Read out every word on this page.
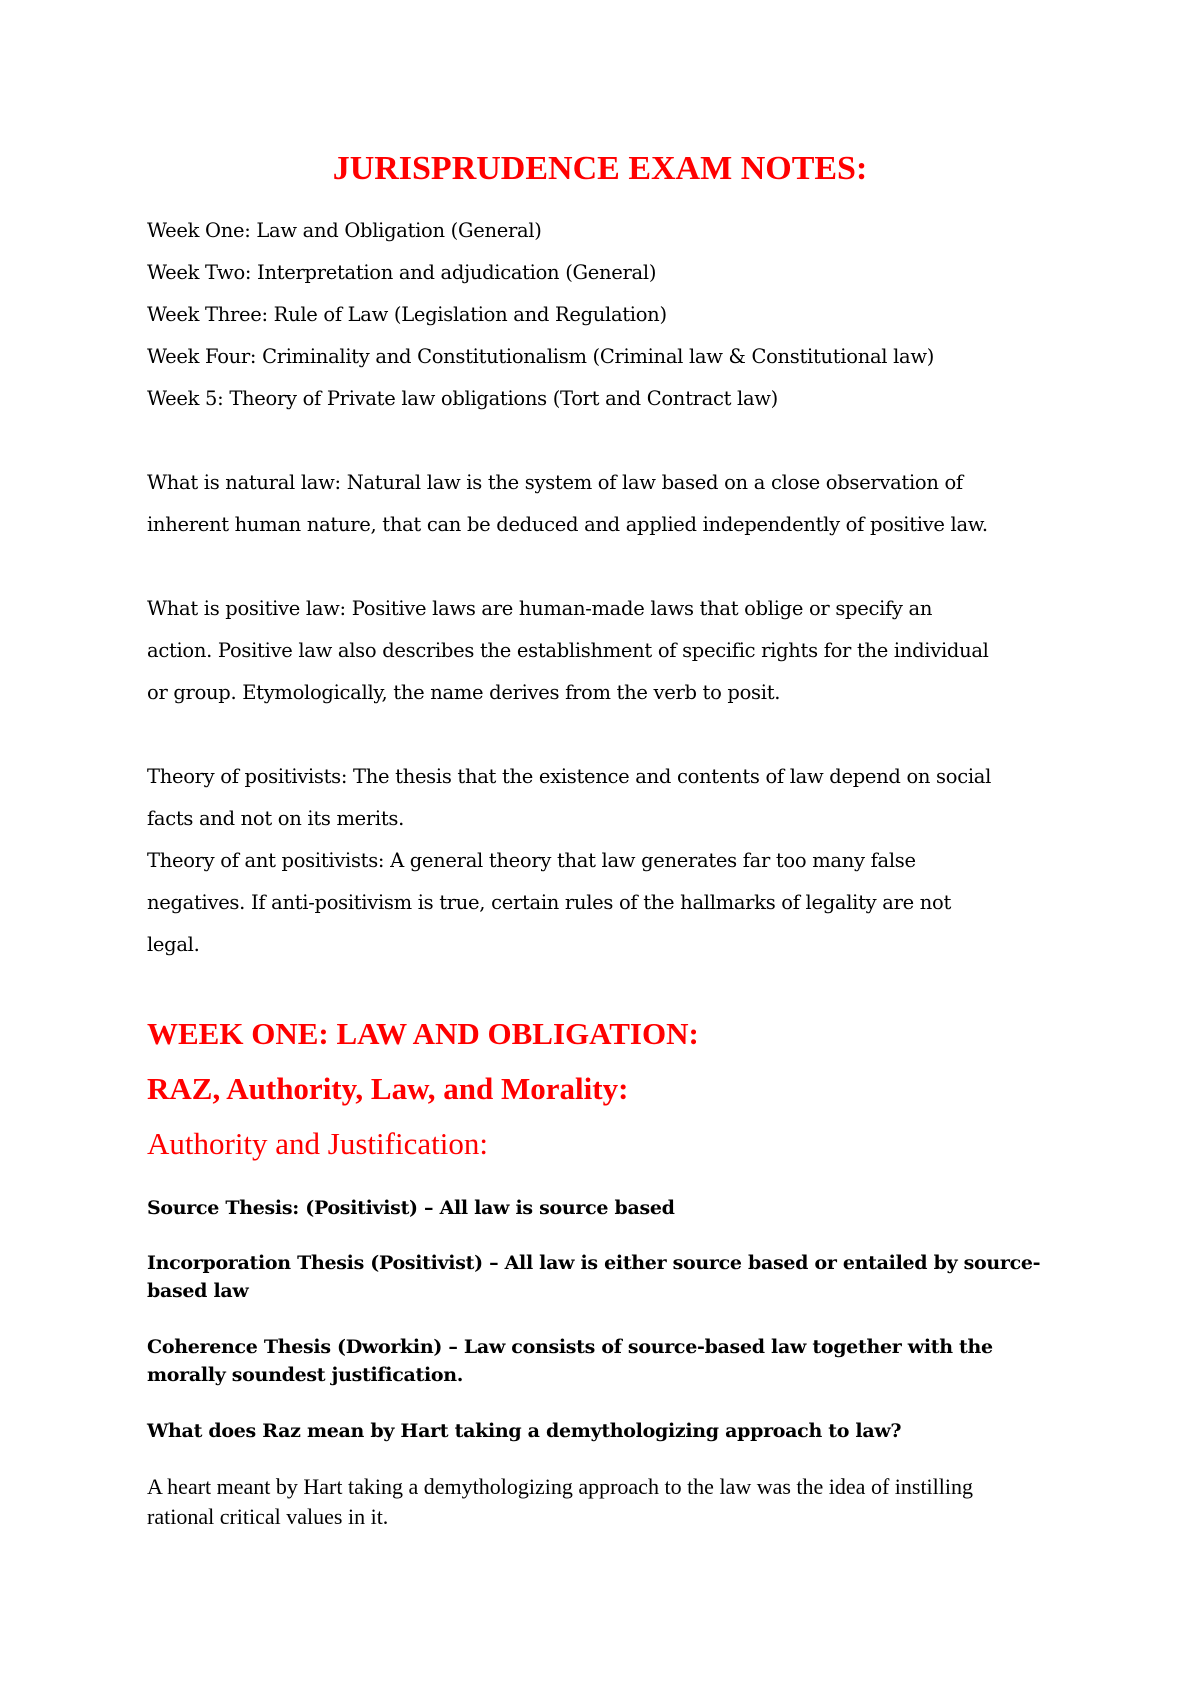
JURISPRUDENCE EXAM NOTES:
Week One: Law and Obligation (General)
Week Two: Interpretation and adjudication (General)
Week Three: Rule of Law (Legislation and Regulation)
Week Four: Criminality and Constitutionalism (Criminal law & Constitutional law)
Week 5: Theory of Private law obligations (Tort and Contract law)
What is natural law: Natural law is the system of law based on a close observation of
inherent human nature, that can be deduced and applied independently of positive law.
What is positive law: Positive laws are human-made laws that oblige or specify an
action. Positive law also describes the establishment of specific rights for the individual
or group. Etymologically, the name derives from the verb to posit.
Theory of positivists: The thesis that the existence and contents of law depend on social
facts and not on its merits.
Theory of ant positivists: A general theory that law generates far too many false
negatives. If anti-positivism is true, certain rules of the hallmarks of legality are not
legal.
WEEK ONE: LAW AND OBLIGATION:
RAZ, Authority, Law, and Morality:
Authority and Justification:
Source Thesis: (Positivist) – All law is source based
Incorporation Thesis (Positivist) – All law is either source based or entailed by source-
based law
Coherence Thesis (Dworkin) – Law consists of source-based law together with the
morally soundest justification.
What does Raz mean by Hart taking a demythologizing approach to law?
A heart meant by Hart taking a demythologizing approach to the law was the idea of instilling
rational critical values in it.
